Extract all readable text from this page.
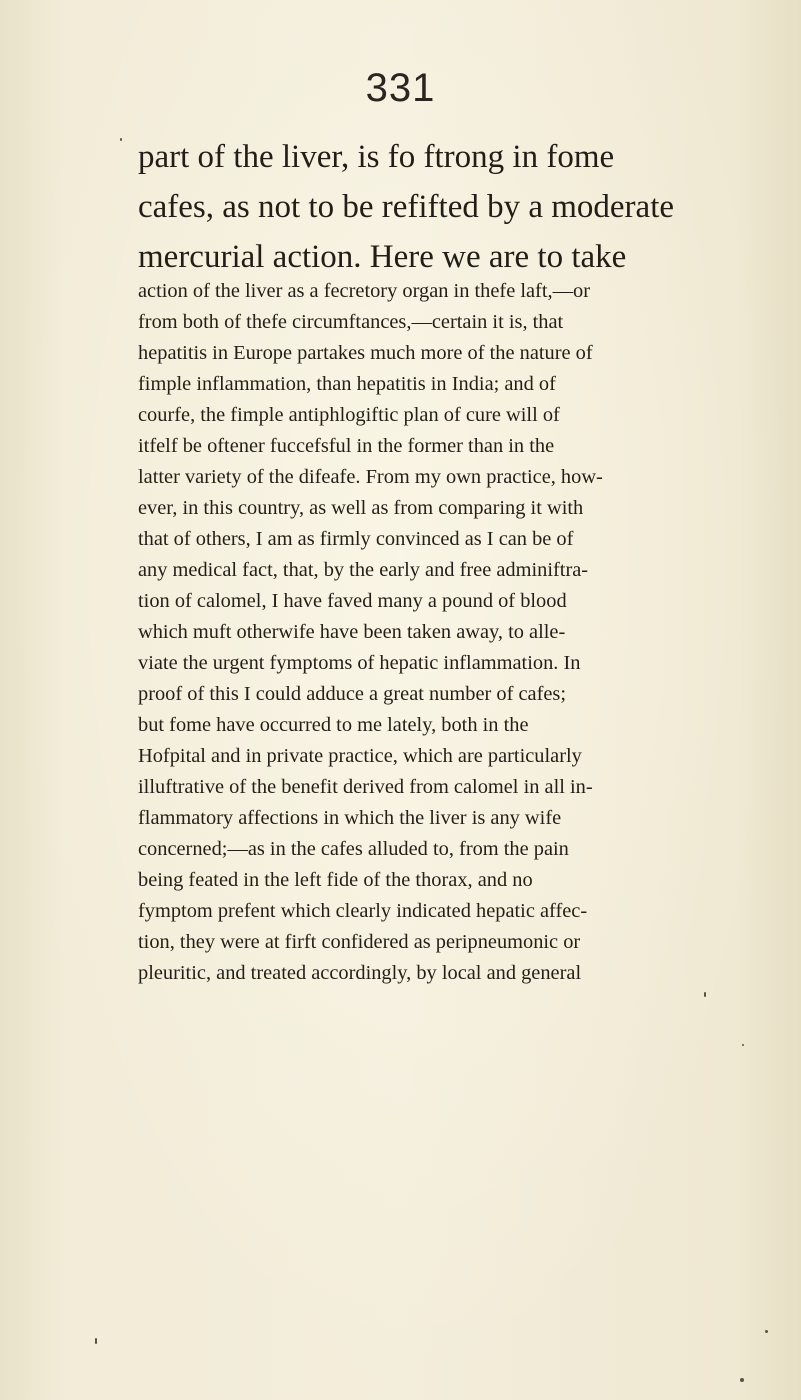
331
part of the liver, is fo ftrong in fome
cafes, as not to be refifted by a moderate
mercurial action. Here we are to take
action of the liver as a fecretory organ in thefe laft,—or
from both of thefe circumftances,—certain it is, that
hepatitis in Europe partakes much more of the nature of
fimple inflammation, than hepatitis in India; and of
courfe, the fimple antiphlogiftic plan of cure will of
itfelf be oftener fuccefsful in the former than in the
latter variety of the difeafe. From my own practice, how-
ever, in this country, as well as from comparing it with
that of others, I am as firmly convinced as I can be of
any medical fact, that, by the early and free adminiftra-
tion of calomel, I have faved many a pound of blood
which muft otherwife have been taken away, to alle-
viate the urgent fymptoms of hepatic inflammation. In
proof of this I could adduce a great number of cafes;
but fome have occurred to me lately, both in the
Hofpital and in private practice, which are particularly
illuftrative of the benefit derived from calomel in all in-
flammatory affections in which the liver is any wife
concerned;—as in the cafes alluded to, from the pain
being feated in the left fide of the thorax, and no
fymptom prefent which clearly indicated hepatic affec-
tion, they were at firft confidered as peripneumonic or
pleuritic, and treated accordingly, by local and general
